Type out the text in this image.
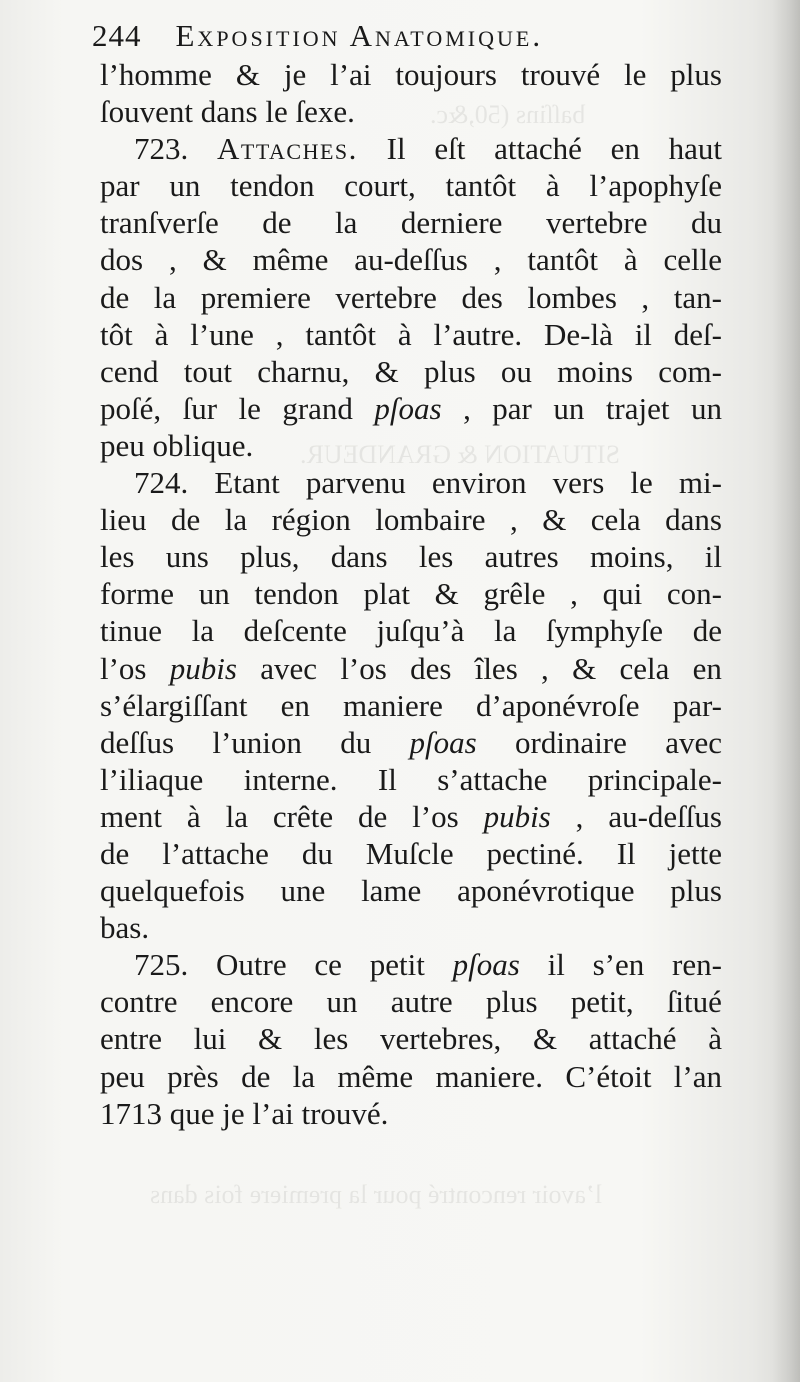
baſſins (50,&c.
SITUATION & GRANDEUR.
l’avoir rencontré pour la premiere fois dans
244 Exposition Anatomique.
l’homme & je l’ai toujours trouvé le plus
ſouvent dans le ſexe.
723. Attaches. Il eſt attaché en haut
par un tendon court, tantôt à l’apophyſe
tranſverſe de la derniere vertebre du
dos , & même au-deſſus , tantôt à celle
de la premiere vertebre des lombes , tan-
tôt à l’une , tantôt à l’autre. De-là il deſ-
cend tout charnu, & plus ou moins com-
poſé, ſur le grand pſoas , par un trajet un
peu oblique.
724. Etant parvenu environ vers le mi-
lieu de la région lombaire , & cela dans
les uns plus, dans les autres moins, il
forme un tendon plat & grêle , qui con-
tinue la deſcente juſqu’à la ſymphyſe de
l’os pubis avec l’os des îles , & cela en
s’élargiſſant en maniere d’aponévroſe par-
deſſus l’union du pſoas ordinaire avec
l’iliaque interne. Il s’attache principale-
ment à la crête de l’os pubis , au-deſſus
de l’attache du Muſcle pectiné. Il jette
quelquefois une lame aponévrotique plus
bas.
725. Outre ce petit pſoas il s’en ren-
contre encore un autre plus petit, ſitué
entre lui & les vertebres, & attaché à
peu près de la même maniere. C’étoit l’an
1713 que je l’ai trouvé.
